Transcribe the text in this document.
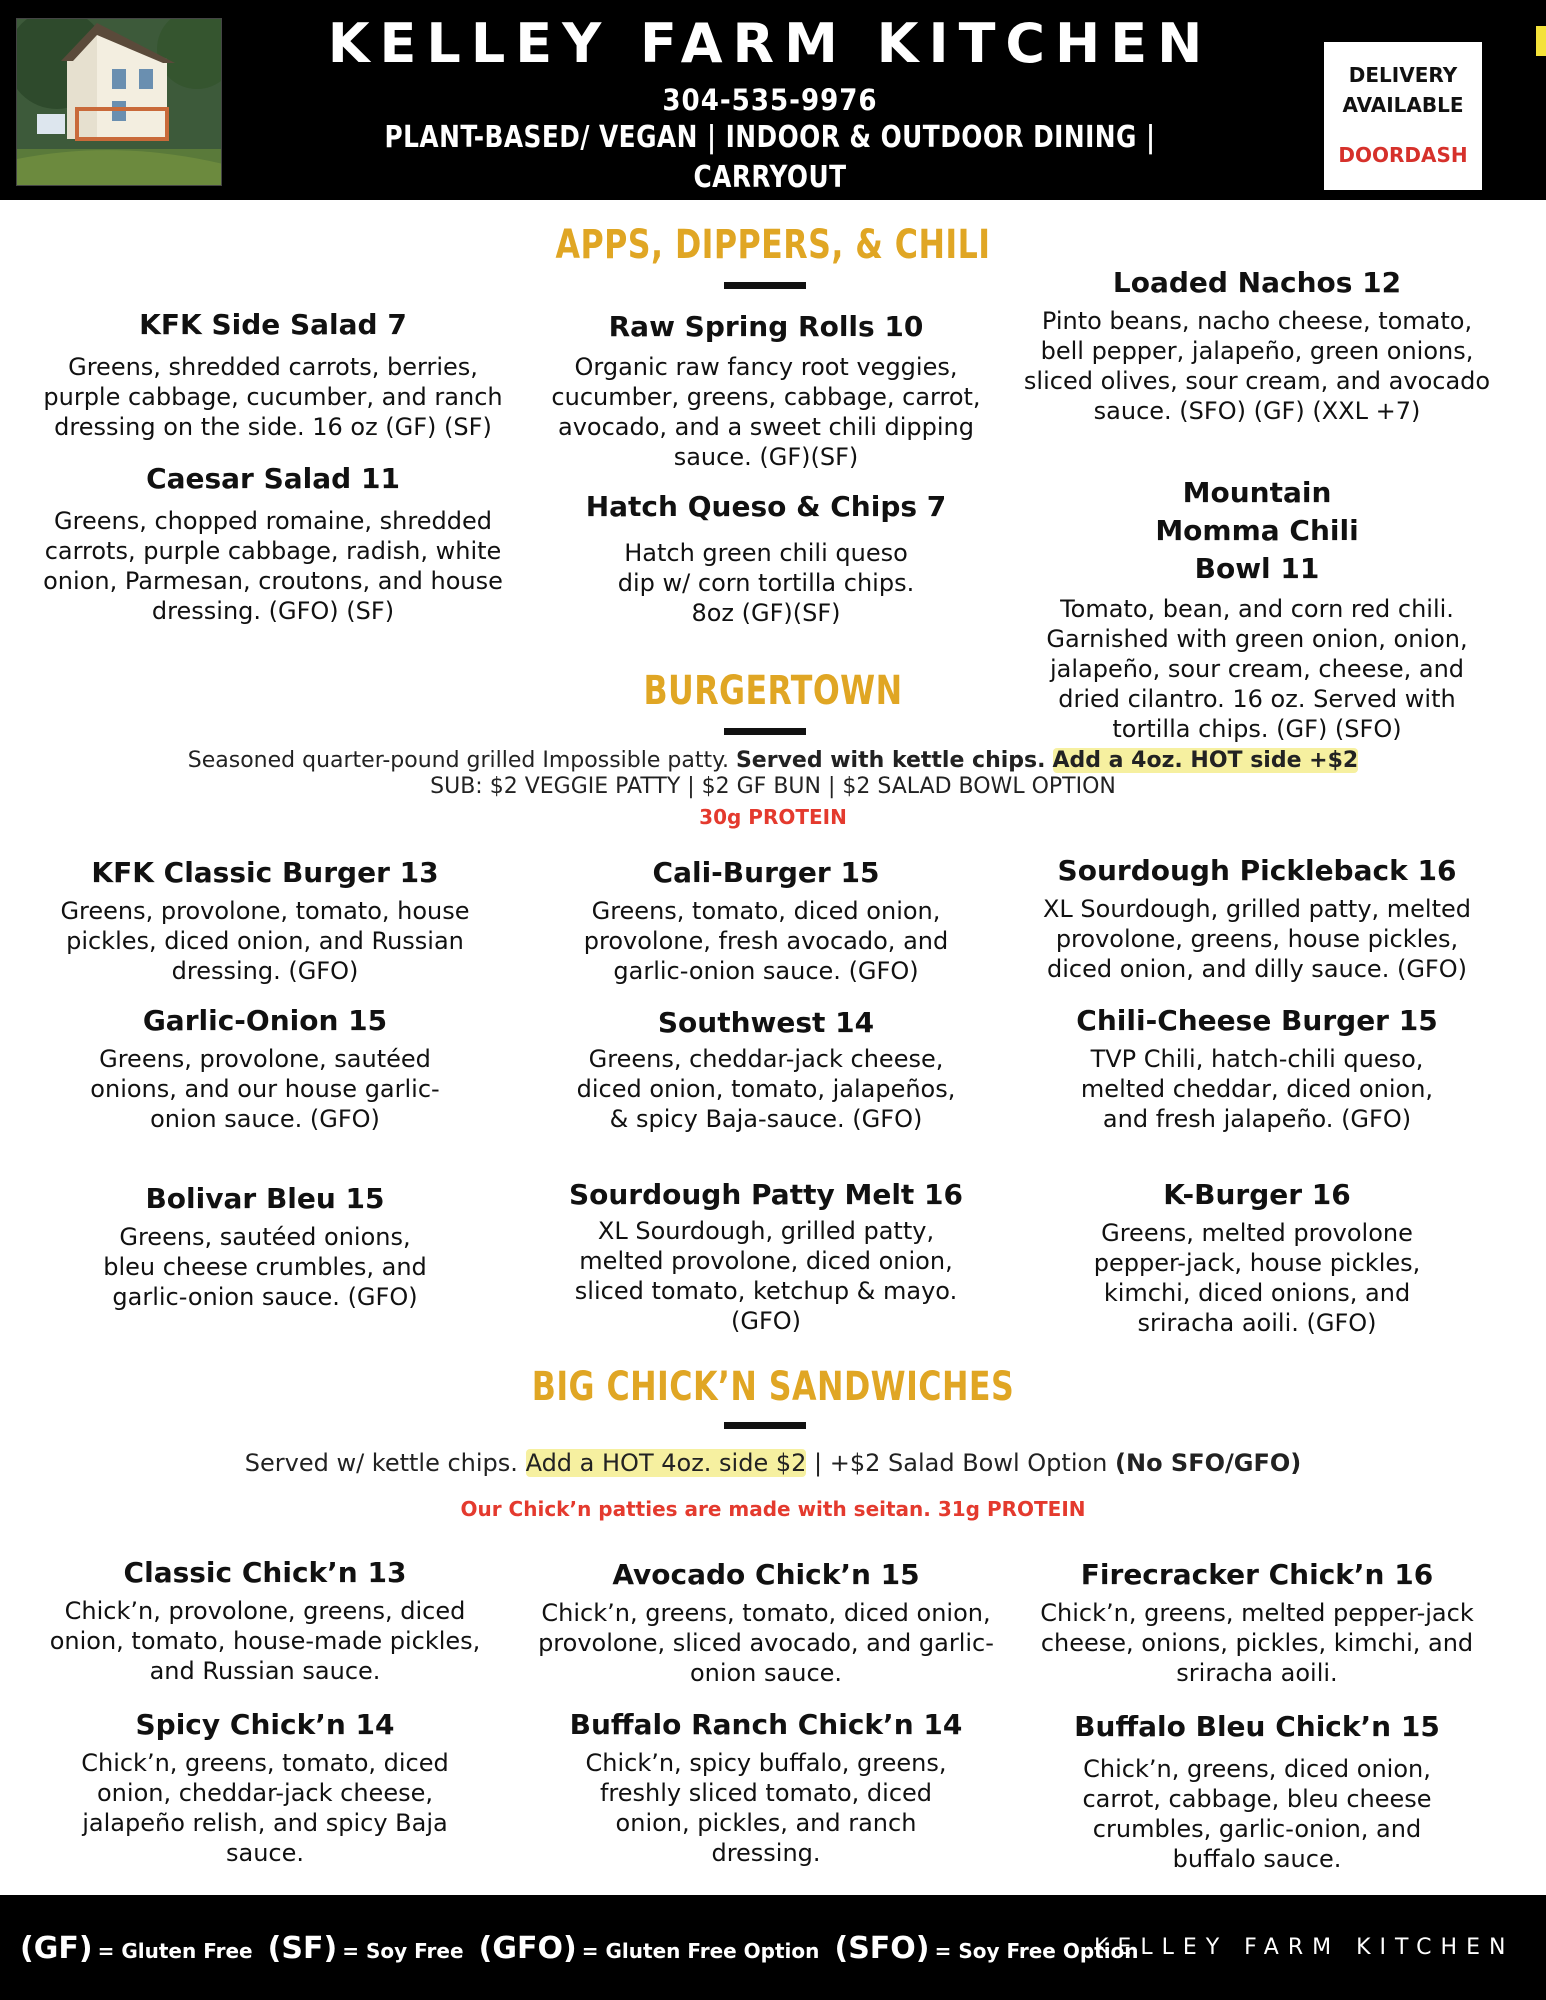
KELLEY FARM KITCHEN
304-535-9976
PLANT-BASED/ VEGAN | INDOOR & OUTDOOR DINING | CARRYOUT
* ALLERGEN FRIENDLY * NUT FREE FACILITY
DELIVERY
AVAILABLE
DOORDASH
APPS, DIPPERS, & CHILI
KFK Side Salad 7
Greens, shredded carrots, berries, purple cabbage, cucumber, and ranch dressing on the side. 16 oz (GF) (SF)
Caesar Salad 11
Greens, chopped romaine, shredded carrots, purple cabbage, radish, white onion, Parmesan, croutons, and house dressing. (GFO) (SF)
Raw Spring Rolls 10
Organic raw fancy root veggies, cucumber, greens, cabbage, carrot, avocado, and a sweet chili dipping sauce. (GF)(SF)
Hatch Queso & Chips 7
Hatch green chili queso dip w/ corn tortilla chips. 8oz (GF)(SF)
Loaded Nachos 12
Pinto beans, nacho cheese, tomato, bell pepper, jalapeño, green onions, sliced olives, sour cream, and avocado sauce. (SFO) (GF) (XXL +7)
Mountain Momma Chili Bowl 11
Tomato, bean, and corn red chili. Garnished with green onion, onion, jalapeño, sour cream, cheese, and dried cilantro. 16 oz. Served with tortilla chips. (GF) (SFO)
BURGERTOWN
Seasoned quarter-pound grilled Impossible patty. Served with kettle chips. Add a 4oz. HOT side +$2
SUB: $2 VEGGIE PATTY | $2 GF BUN | $2 SALAD BOWL OPTION
30g PROTEIN
KFK Classic Burger 13
Greens, provolone, tomato, house pickles, diced onion, and Russian dressing. (GFO)
Garlic-Onion 15
Greens, provolone, sautéed onions, and our house garlic-onion sauce. (GFO)
Bolivar Bleu 15
Greens, sautéed onions, bleu cheese crumbles, and garlic-onion sauce. (GFO)
Cali-Burger 15
Greens, tomato, diced onion, provolone, fresh avocado, and garlic-onion sauce. (GFO)
Southwest 14
Greens, cheddar-jack cheese, diced onion, tomato, jalapeños, & spicy Baja-sauce. (GFO)
Sourdough Patty Melt 16
XL Sourdough, grilled patty, melted provolone, diced onion, sliced tomato, ketchup & mayo. (GFO)
Sourdough Pickleback 16
XL Sourdough, grilled patty, melted provolone, greens, house pickles, diced onion, and dilly sauce. (GFO)
Chili-Cheese Burger 15
TVP Chili, hatch-chili queso, melted cheddar, diced onion, and fresh jalapeño. (GFO)
K-Burger 16
Greens, melted provolone pepper-jack, house pickles, kimchi, diced onions, and sriracha aoili. (GFO)
BIG CHICK’N SANDWICHES
Served w/ kettle chips. Add a HOT 4oz. side $2 | +$2 Salad Bowl Option (No SFO/GFO)
Our Chick’n patties are made with seitan. 31g PROTEIN
Classic Chick’n 13
Chick’n, provolone, greens, diced onion, tomato, house-made pickles, and Russian sauce.
Spicy Chick’n 14
Chick’n, greens, tomato, diced onion, cheddar-jack cheese, jalapeño relish, and spicy Baja sauce.
Avocado Chick’n 15
Chick’n, greens, tomato, diced onion, provolone, sliced avocado, and garlic-onion sauce.
Buffalo Ranch Chick’n 14
Chick’n, spicy buffalo, greens, freshly sliced tomato, diced onion, pickles, and ranch dressing.
Firecracker Chick’n 16
Chick’n, greens, melted pepper-jack cheese, onions, pickles, kimchi, and sriracha aoili.
Buffalo Bleu Chick’n 15
Chick’n, greens, diced onion, carrot, cabbage, bleu cheese crumbles, garlic-onion, and buffalo sauce.
(GF) = Gluten Free (SF) = Soy Free (GFO) = Gluten Free Option (SFO) = Soy Free Option
KELLEY FARM KITCHEN
